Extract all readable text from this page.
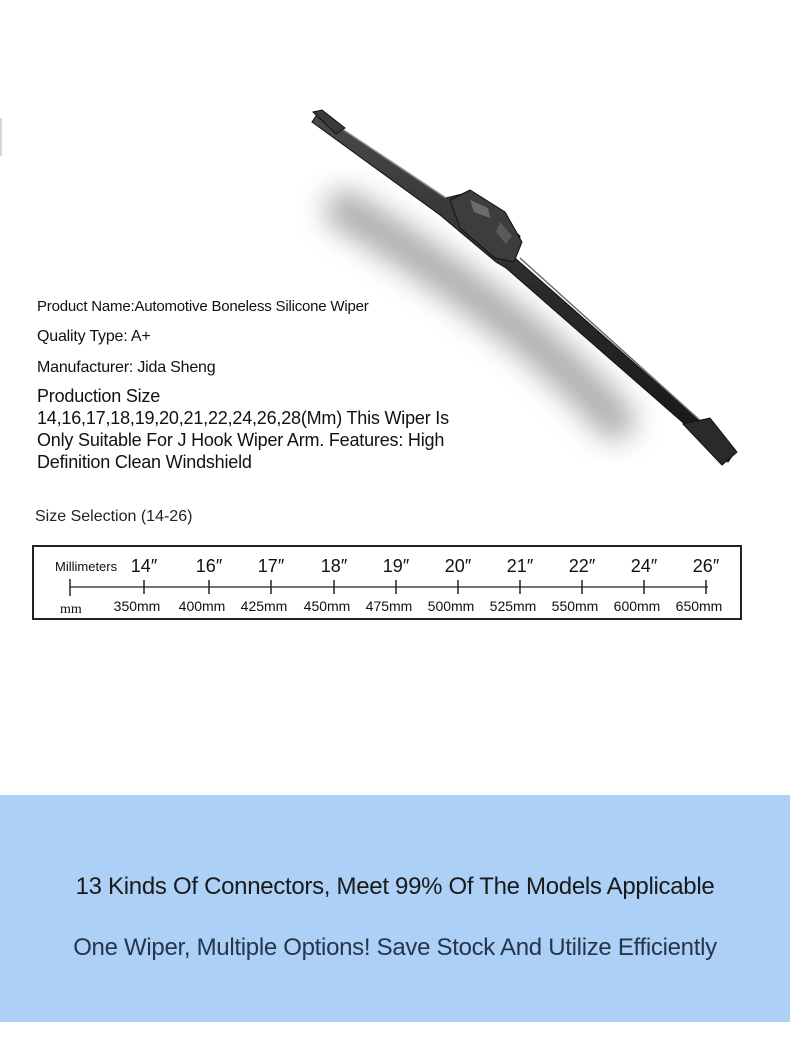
Product Name:Automotive Boneless Silicone Wiper
Quality Type: A+
Manufacturer: Jida Sheng
Production Size
14,16,17,18,19,20,21,22,24,26,28(Mm) This Wiper Is
Only Suitable For J Hook Wiper Arm. Features: High
Definition Clean Windshield
Size Selection (14-26)
Millimeters
mm
14″
350mm
16″
400mm
17″
425mm
18″
450mm
19″
475mm
20″
500mm
21″
525mm
22″
550mm
24″
600mm
26″
650mm
13 Kinds Of Connectors, Meet 99% Of The Models Applicable
One Wiper, Multiple Options! Save Stock And Utilize Efficiently
